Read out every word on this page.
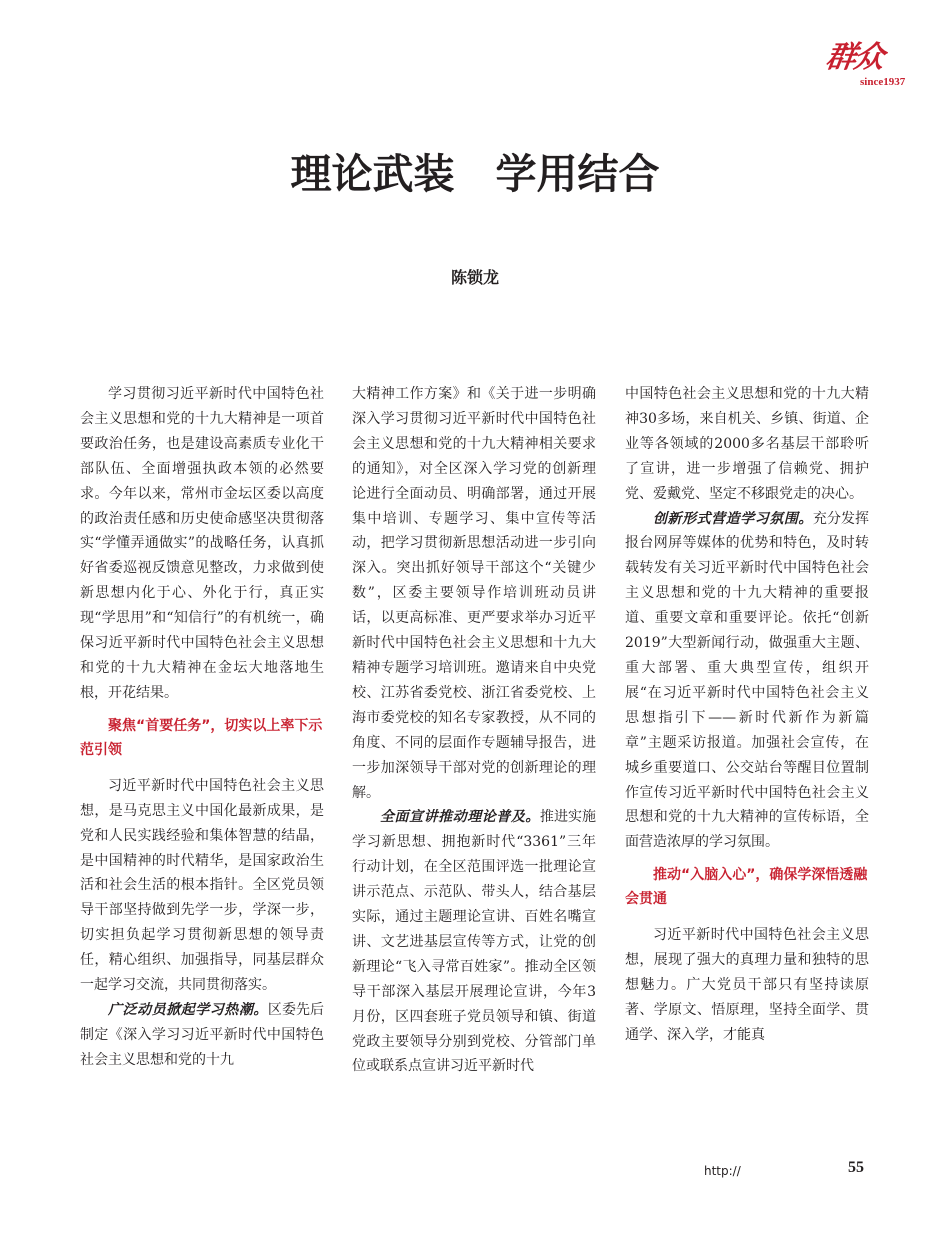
群众
since1937
理论武装　学用结合
陈锁龙

学习贯彻习近平新时代中国特色社会主义思想和党的十九大精神是一项首要政治任务，也是建设高素质专业化干部队伍、全面增强执政本领的必然要求。今年以来，常州市金坛区委以高度的政治责任感和历史使命感坚决贯彻落实“学懂弄通做实”的战略任务，认真抓好省委巡视反馈意见整改，力求做到使新思想内化于心、外化于行，真正实现“学思用”和“知信行”的有机统一，确保习近平新时代中国特色社会主义思想和党的十九大精神在金坛大地落地生根，开花结果。

聚焦“首要任务”，切实以上率下示范引领

习近平新时代中国特色社会主义思想，是马克思主义中国化最新成果，是党和人民实践经验和集体智慧的结晶，是中国精神的时代精华，是国家政治生活和社会生活的根本指针。全区党员领导干部坚持做到先学一步，学深一步，切实担负起学习贯彻新思想的领导责任，精心组织、加强指导，同基层群众一起学习交流，共同贯彻落实。

广泛动员掀起学习热潮。区委先后制定《深入学习习近平新时代中国特色社会主义思想和党的十九

大精神工作方案》和《关于进一步明确深入学习贯彻习近平新时代中国特色社会主义思想和党的十九大精神相关要求的通知》，对全区深入学习党的创新理论进行全面动员、明确部署，通过开展集中培训、专题学习、集中宣传等活动，把学习贯彻新思想活动进一步引向深入。突出抓好领导干部这个“关键少数”，区委主要领导作培训班动员讲话，以更高标准、更严要求举办习近平新时代中国特色社会主义思想和十九大精神专题学习培训班。邀请来自中央党校、江苏省委党校、浙江省委党校、上海市委党校的知名专家教授，从不同的角度、不同的层面作专题辅导报告，进一步加深领导干部对党的创新理论的理解。

全面宣讲推动理论普及。推进实施学习新思想、拥抱新时代“3361”三年行动计划，在全区范围评选一批理论宣讲示范点、示范队、带头人，结合基层实际，通过主题理论宣讲、百姓名嘴宣讲、文艺进基层宣传等方式，让党的创新理论“飞入寻常百姓家”。推动全区领导干部深入基层开展理论宣讲，今年3月份，区四套班子党员领导和镇、街道党政主要领导分别到党校、分管部门单位或联系点宣讲习近平新时代

中国特色社会主义思想和党的十九大精神30多场，来自机关、乡镇、街道、企业等各领域的2000多名基层干部聆听了宣讲，进一步增强了信赖党、拥护党、爱戴党、坚定不移跟党走的决心。

创新形式营造学习氛围。充分发挥报台网屏等媒体的优势和特色，及时转载转发有关习近平新时代中国特色社会主义思想和党的十九大精神的重要报道、重要文章和重要评论。依托“创新2019”大型新闻行动，做强重大主题、重大部署、重大典型宣传，组织开展“在习近平新时代中国特色社会主义思想指引下——新时代新作为新篇章”主题采访报道。加强社会宣传，在城乡重要道口、公交站台等醒目位置制作宣传习近平新时代中国特色社会主义思想和党的十九大精神的宣传标语，全面营造浓厚的学习氛围。

推动“入脑入心”，确保学深悟透融会贯通

习近平新时代中国特色社会主义思想，展现了强大的真理力量和独特的思想魅力。广大党员干部只有坚持读原著、学原文、悟原理，坚持全面学、贯通学、深入学，才能真

http://	55
